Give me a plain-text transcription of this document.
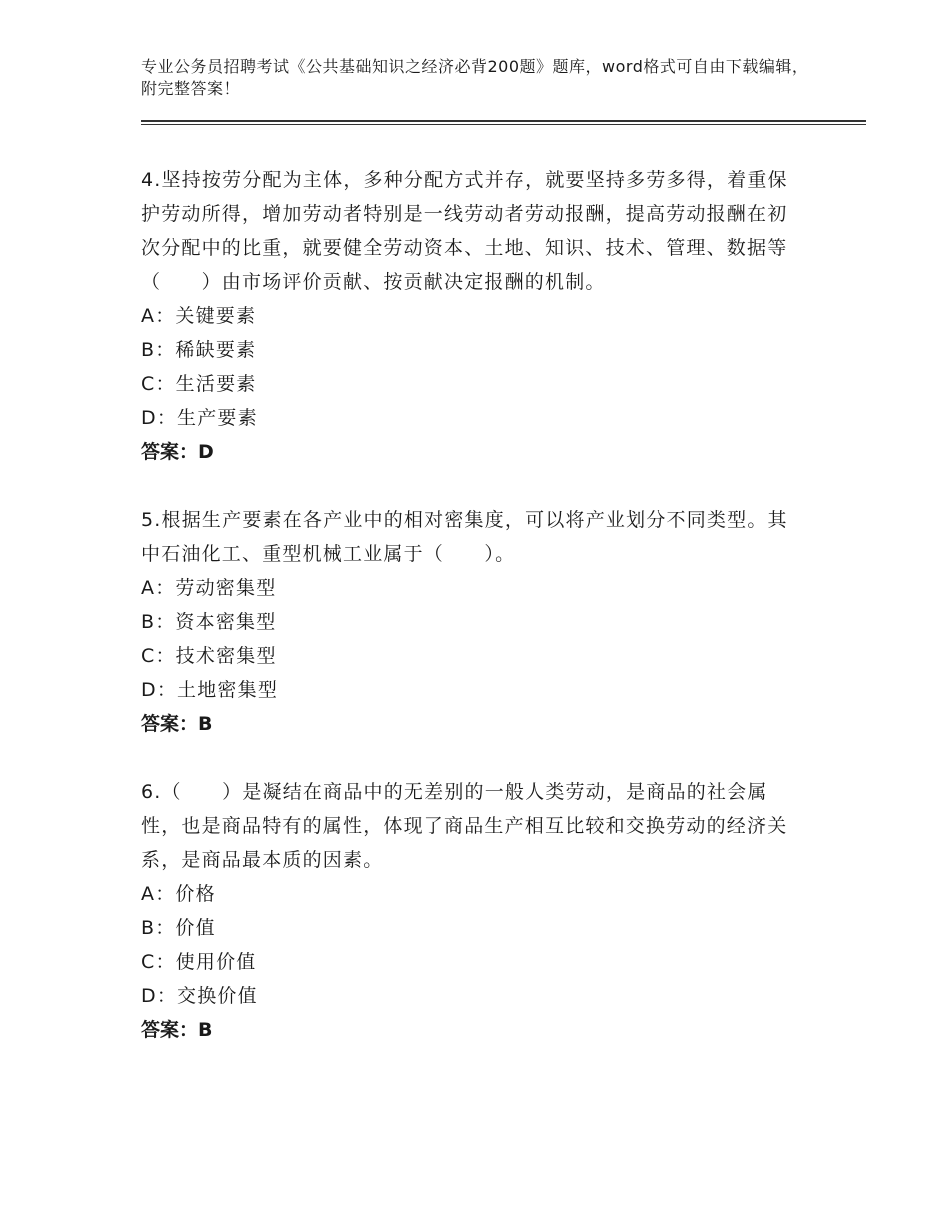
专业公务员招聘考试《公共基础知识之经济必背200题》题库，word格式可自由下载编辑，附完整答案！

4.坚持按劳分配为主体，多种分配方式并存，就要坚持多劳多得，着重保护劳动所得，增加劳动者特别是一线劳动者劳动报酬，提高劳动报酬在初次分配中的比重，就要健全劳动资本、土地、知识、技术、管理、数据等（　　）由市场评价贡献、按贡献决定报酬的机制。

A：关键要素
B：稀缺要素
C：生活要素
D：生产要素

答案：D

5.根据生产要素在各产业中的相对密集度，可以将产业划分不同类型。其中石油化工、重型机械工业属于（　　）。

A：劳动密集型
B：资本密集型
C：技术密集型
D：土地密集型

答案：B

6.（　　）是凝结在商品中的无差别的一般人类劳动，是商品的社会属性，也是商品特有的属性，体现了商品生产相互比较和交换劳动的经济关系，是商品最本质的因素。

A：价格
B：价值
C：使用价值
D：交换价值

答案：B
